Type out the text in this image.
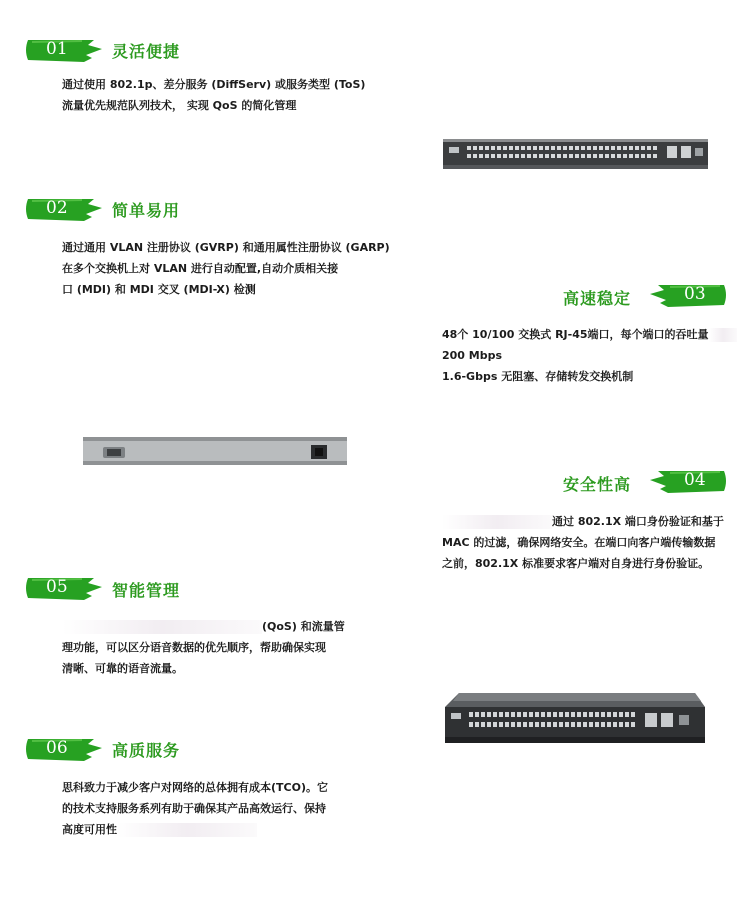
01	灵活便捷
通过使用 802.1p、差分服务 (DiffServ) 或服务类型 (ToS)
流量优先规范队列技术， 实现 QoS 的简化管理
02	简单易用
通过通用 VLAN 注册协议 (GVRP) 和通用属性注册协议 (GARP)
在多个交换机上对 VLAN 进行自动配置,自动介质相关接
口 (MDI) 和 MDI 交叉 (MDI-X) 检测	高速稳定	03
48个 10/100 交换式 RJ-45端口，每个端口的吞吐量
200 Mbps
1.6-Gbps 无阻塞、存储转发交换机制
安全性高	04
通过 802.1X 端口身份验证和基于
MAC 的过滤，确保网络安全。在端口向客户端传输数据
之前，802.1X 标准要求客户端对自身进行身份验证。
05	智能管理
(QoS) 和流量管
理功能，可以区分语音数据的优先顺序，帮助确保实现
清晰、可靠的语音流量。
06	高质服务
思科致力于减少客户对网络的总体拥有成本(TCO)。它
的技术支持服务系列有助于确保其产品高效运行、保持
高度可用性
